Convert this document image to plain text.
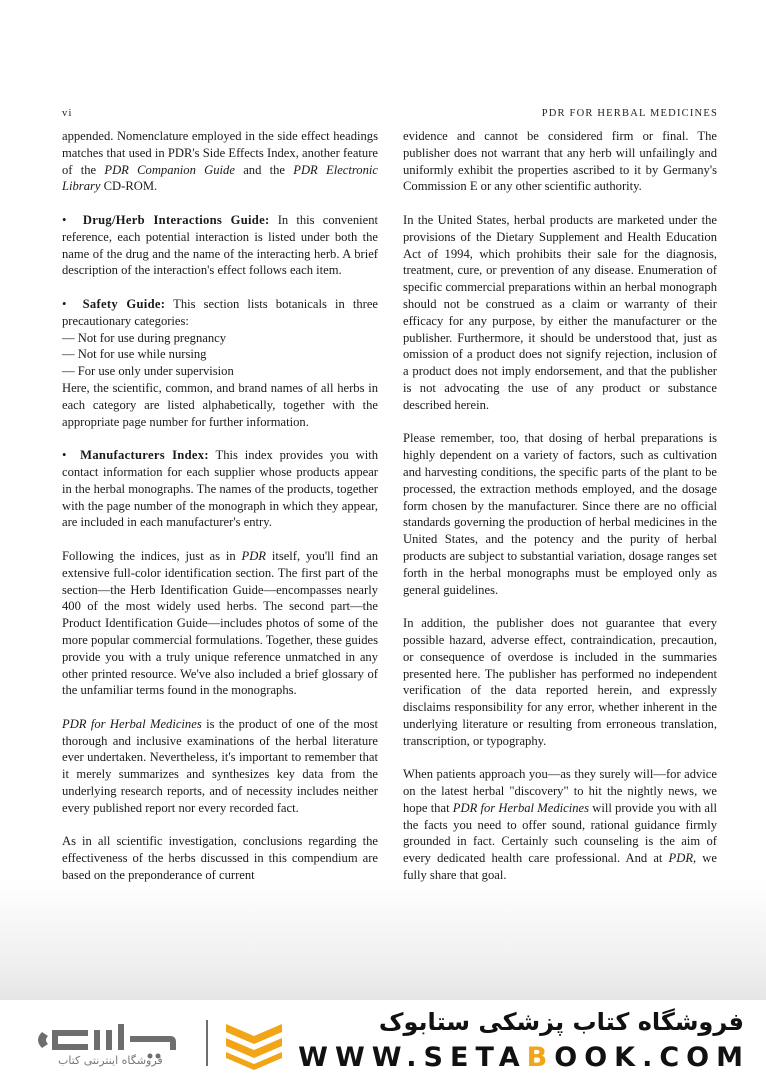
vi	PDR FOR HERBAL MEDICINES

appended. Nomenclature employed in the side effect headings matches that used in PDR's Side Effects Index, another feature of the PDR Companion Guide and the PDR Electronic Library CD-ROM.

• Drug/Herb Interactions Guide: In this convenient reference, each potential interaction is listed under both the name of the drug and the name of the interacting herb. A brief description of the interaction's effect follows each item.

• Safety Guide: This section lists botanicals in three precautionary categories:
— Not for use during pregnancy
— Not for use while nursing
— For use only under supervision

Here, the scientific, common, and brand names of all herbs in each category are listed alphabetically, together with the appropriate page number for further information.

• Manufacturers Index: This index provides you with contact information for each supplier whose products appear in the herbal monographs. The names of the products, together with the page number of the monograph in which they appear, are included in each manufacturer's entry.

Following the indices, just as in PDR itself, you'll find an extensive full-color identification section. The first part of the section—the Herb Identification Guide—encompasses nearly 400 of the most widely used herbs. The second part—the Product Identification Guide—includes photos of some of the more popular commercial formulations. Together, these guides provide you with a truly unique reference unmatched in any other printed resource. We've also included a brief glossary of the unfamiliar terms found in the monographs.

PDR for Herbal Medicines is the product of one of the most thorough and inclusive examinations of the herbal literature ever undertaken. Nevertheless, it's important to remember that it merely summarizes and synthesizes key data from the underlying research reports, and of necessity includes neither every published report nor every recorded fact.

As in all scientific investigation, conclusions regarding the effectiveness of the herbs discussed in this compendium are based on the preponderance of current

evidence and cannot be considered firm or final. The publisher does not warrant that any herb will unfailingly and uniformly exhibit the properties ascribed to it by Germany's Commission E or any other scientific authority.

In the United States, herbal products are marketed under the provisions of the Dietary Supplement and Health Education Act of 1994, which prohibits their sale for the diagnosis, treatment, cure, or prevention of any disease. Enumeration of specific commercial preparations within an herbal monograph should not be construed as a claim or warranty of their efficacy for any purpose, by either the manufacturer or the publisher. Furthermore, it should be understood that, just as omission of a product does not signify rejection, inclusion of a product does not imply endorsement, and that the publisher is not advocating the use of any product or substance described herein.

Please remember, too, that dosing of herbal preparations is highly dependent on a variety of factors, such as cultivation and harvesting conditions, the specific parts of the plant to be processed, the extraction methods employed, and the dosage form chosen by the manufacturer. Since there are no official standards governing the production of herbal medicines in the United States, and the potency and the purity of herbal products are subject to substantial variation, dosage ranges set forth in the herbal monographs must be employed only as general guidelines.

In addition, the publisher does not guarantee that every possible hazard, adverse effect, contraindication, precaution, or consequence of overdose is included in the summaries presented here. The publisher has performed no independent verification of the data reported herein, and expressly disclaims responsibility for any error, whether inherent in the underlying literature or resulting from erroneous translation, transcription, or typography.

When patients approach you—as they surely will—for advice on the latest herbal "discovery" to hit the nightly news, we hope that PDR for Herbal Medicines will provide you with all the facts you need to offer sound, rational guidance firmly grounded in fact. Certainly such counseling is the aim of every dedicated health care professional. And at PDR, we fully share that goal.

فروشگاه اینترنتی کتاب
فروشگاه کتاب پزشکی ستابوک
WWW.SETABOOK.COM
